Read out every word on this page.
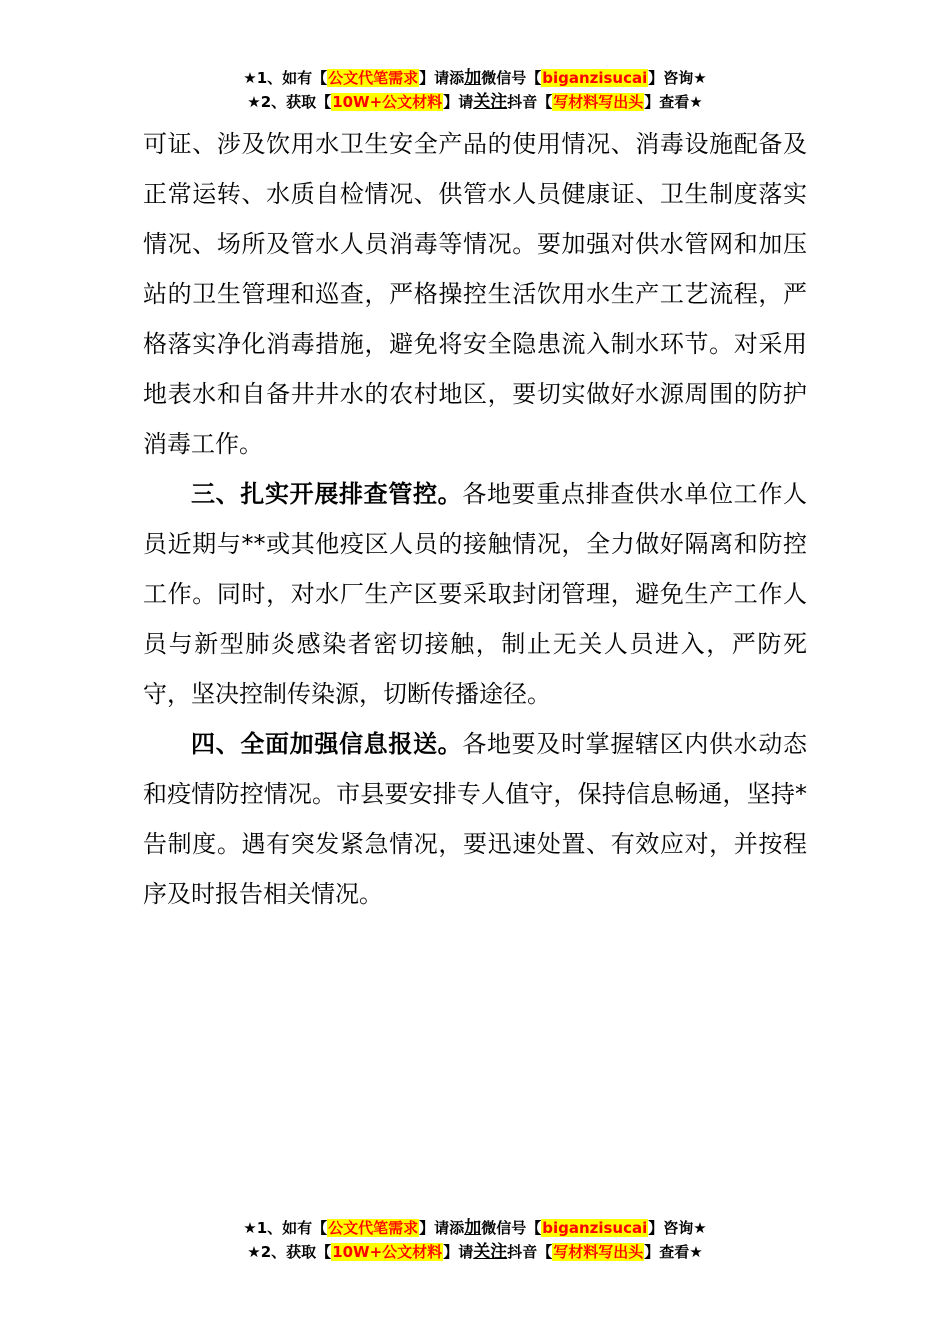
★1、如有【公文代笔需求】请添加微信号【biganzisucai】咨询★
★2、获取【10W+公文材料】请关注抖音【写材料写出头】查看★

可证、涉及饮用水卫生安全产品的使用情况、消毒设施配备及正常运转、水质自检情况、供管水人员健康证、卫生制度落实情况、场所及管水人员消毒等情况。要加强对供水管网和加压站的卫生管理和巡查，严格操控生活饮用水生产工艺流程，严格落实净化消毒措施，避免将安全隐患流入制水环节。对采用地表水和自备井井水的农村地区，要切实做好水源周围的防护消毒工作。

三、扎实开展排查管控。各地要重点排查供水单位工作人员近期与**或其他疫区人员的接触情况，全力做好隔离和防控工作。同时，对水厂生产区要采取封闭管理，避免生产工作人员与新型肺炎感染者密切接触，制止无关人员进入，严防死守，坚决控制传染源，切断传播途径。

四、全面加强信息报送。各地要及时掌握辖区内供水动态和疫情防控情况。市县要安排专人值守，保持信息畅通，坚持*告制度。遇有突发紧急情况，要迅速处置、有效应对，并按程序及时报告相关情况。

★1、如有【公文代笔需求】请添加微信号【biganzisucai】咨询★
★2、获取【10W+公文材料】请关注抖音【写材料写出头】查看★
